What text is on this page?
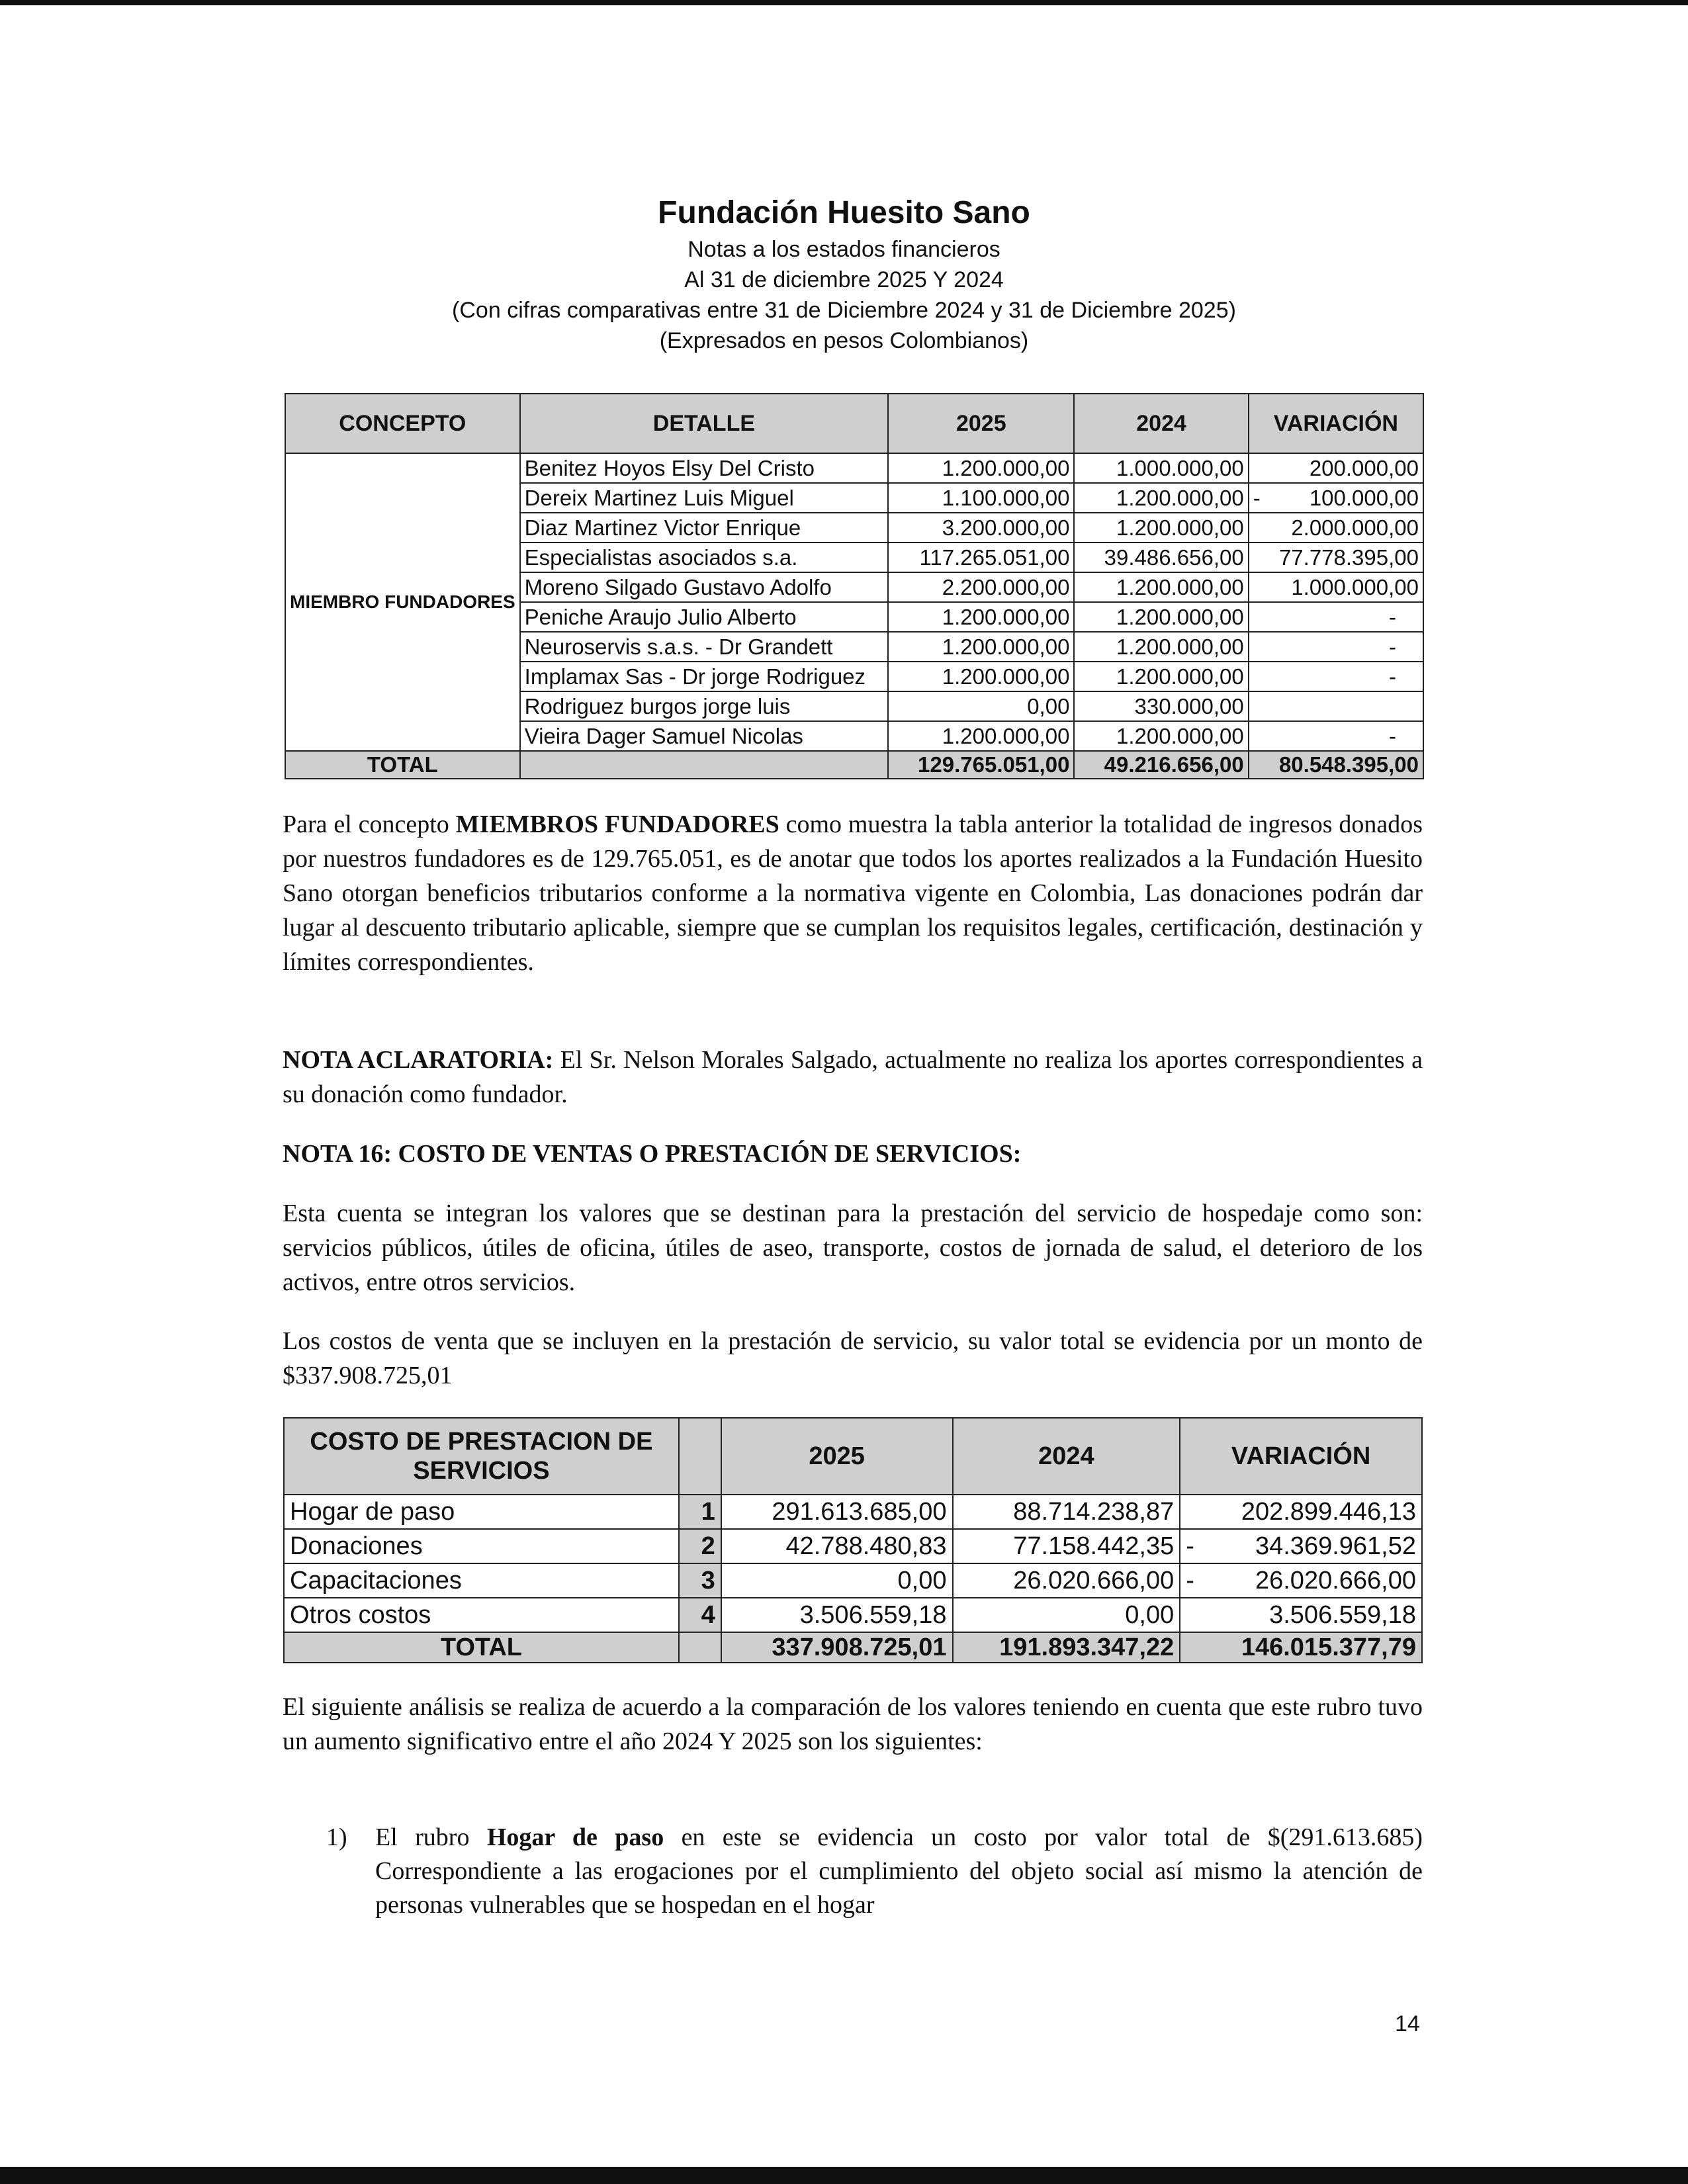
Fundación Huesito Sano
Notas a los estados financieros
Al 31 de diciembre 2025 Y 2024
(Con cifras comparativas entre 31 de Diciembre 2024 y 31 de Diciembre 2025)
(Expresados en pesos Colombianos)
CONCEPTO	DETALLE	2025	2024	VARIACIÓN
MIEMBRO FUNDADORES	Benitez Hoyos Elsy Del Cristo	1.200.000,00	1.000.000,00	200.000,00
	Dereix Martinez Luis Miguel	1.100.000,00	1.200.000,00	- 100.000,00
	Diaz Martinez Victor Enrique	3.200.000,00	1.200.000,00	2.000.000,00
	Especialistas asociados s.a.	117.265.051,00	39.486.656,00	77.778.395,00
	Moreno Silgado Gustavo Adolfo	2.200.000,00	1.200.000,00	1.000.000,00
	Peniche Araujo Julio Alberto	1.200.000,00	1.200.000,00	-
	Neuroservis s.a.s. - Dr Grandett	1.200.000,00	1.200.000,00	-
	Implamax Sas - Dr jorge Rodriguez	1.200.000,00	1.200.000,00	-
	Rodriguez burgos jorge luis	0,00	330.000,00	
	Vieira Dager Samuel Nicolas	1.200.000,00	1.200.000,00	-
TOTAL		129.765.051,00	49.216.656,00	80.548.395,00
Para el concepto MIEMBROS FUNDADORES como muestra la tabla anterior la totalidad de ingresos donados por nuestros fundadores es de 129.765.051, es de anotar que todos los aportes realizados a la Fundación Huesito Sano otorgan beneficios tributarios conforme a la normativa vigente en Colombia, Las donaciones podrán dar lugar al descuento tributario aplicable, siempre que se cumplan los requisitos legales, certificación, destinación y límites correspondientes.
NOTA ACLARATORIA: El Sr. Nelson Morales Salgado, actualmente no realiza los aportes correspondientes a su donación como fundador.
NOTA 16: COSTO DE VENTAS O PRESTACIÓN DE SERVICIOS:
Esta cuenta se integran los valores que se destinan para la prestación del servicio de hospedaje como son: servicios públicos, útiles de oficina, útiles de aseo, transporte, costos de jornada de salud, el deterioro de los activos, entre otros servicios.
Los costos de venta que se incluyen en la prestación de servicio, su valor total se evidencia por un monto de $337.908.725,01
COSTO DE PRESTACION DE SERVICIOS		2025	2024	VARIACIÓN
Hogar de paso	1	291.613.685,00	88.714.238,87	202.899.446,13
Donaciones	2	42.788.480,83	77.158.442,35	- 34.369.961,52
Capacitaciones	3	0,00	26.020.666,00	- 26.020.666,00
Otros costos	4	3.506.559,18	0,00	3.506.559,18
TOTAL		337.908.725,01	191.893.347,22	146.015.377,79
El siguiente análisis se realiza de acuerdo a la comparación de los valores teniendo en cuenta que este rubro tuvo un aumento significativo entre el año 2024 Y 2025 son los siguientes:
1) El rubro Hogar de paso en este se evidencia un costo por valor total de $(291.613.685) Correspondiente a las erogaciones por el cumplimiento del objeto social así mismo la atención de personas vulnerables que se hospedan en el hogar
14
